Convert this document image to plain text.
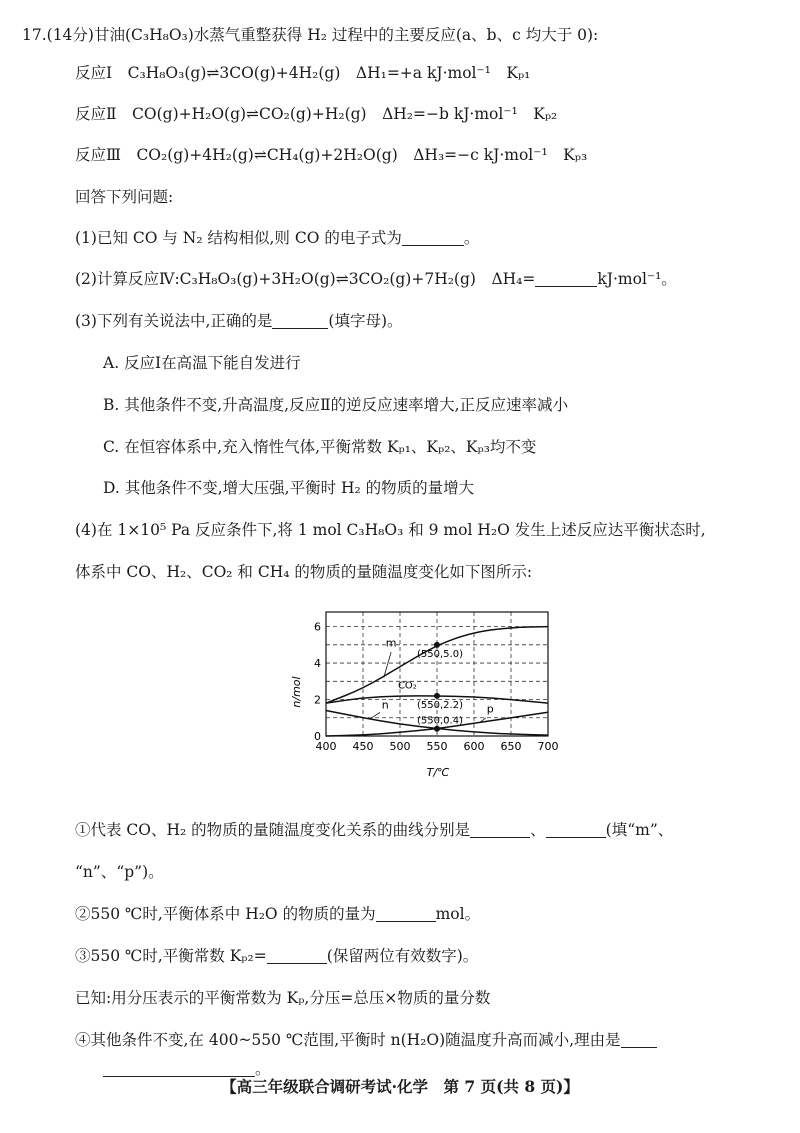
17.(14分)甘油(C₃H₈O₃)水蒸气重整获得 H₂ 过程中的主要反应(a、b、c 均大于 0):
反应Ⅰ　C₃H₈O₃(g)⇌3CO(g)+4H₂(g)　ΔH₁=+a kJ·mol⁻¹　Kₚ₁
反应Ⅱ　CO(g)+H₂O(g)⇌CO₂(g)+H₂(g)　ΔH₂=−b kJ·mol⁻¹　Kₚ₂
反应Ⅲ　CO₂(g)+4H₂(g)⇌CH₄(g)+2H₂O(g)　ΔH₃=−c kJ·mol⁻¹　Kₚ₃
回答下列问题:
(1)已知 CO 与 N₂ 结构相似,则 CO 的电子式为	。
(2)计算反应Ⅳ:C₃H₈O₃(g)+3H₂O(g)⇌3CO₂(g)+7H₂(g)　ΔH₄=	kJ·mol⁻¹。
(3)下列有关说法中,正确的是	(填字母)。
A. 反应Ⅰ在高温下能自发进行
B. 其他条件不变,升高温度,反应Ⅱ的逆反应速率增大,正反应速率减小
C. 在恒容体系中,充入惰性气体,平衡常数 Kₚ₁、Kₚ₂、Kₚ₃均不变
D. 其他条件不变,增大压强,平衡时 H₂ 的物质的量增大
(4)在 1×10⁵ Pa 反应条件下,将 1 mol C₃H₈O₃ 和 9 mol H₂O 发生上述反应达平衡状态时,
体系中 CO、H₂、CO₂ 和 CH₄ 的物质的量随温度变化如下图所示:
(550,5.0)
(550,2.2)
(550,0.4)
m
CO₂
n	p
400 450 500 550 600 650 700
0
2
4
6
n/mol
T/℃
①代表 CO、H₂ 的物质的量随温度变化关系的曲线分别是	、	(填“m”、
“n”、“p”)。
②550 ℃时,平衡体系中 H₂O 的物质的量为	mol。
③550 ℃时,平衡常数 Kₚ₂=	(保留两位有效数字)。
已知:用分压表示的平衡常数为 Kₚ,分压=总压×物质的量分数
④其他条件不变,在 400~550 ℃范围,平衡时 n(H₂O)随温度升高而减小,理由是
。
【高三年级联合调研考试·化学　第 7 页(共 8 页)】
